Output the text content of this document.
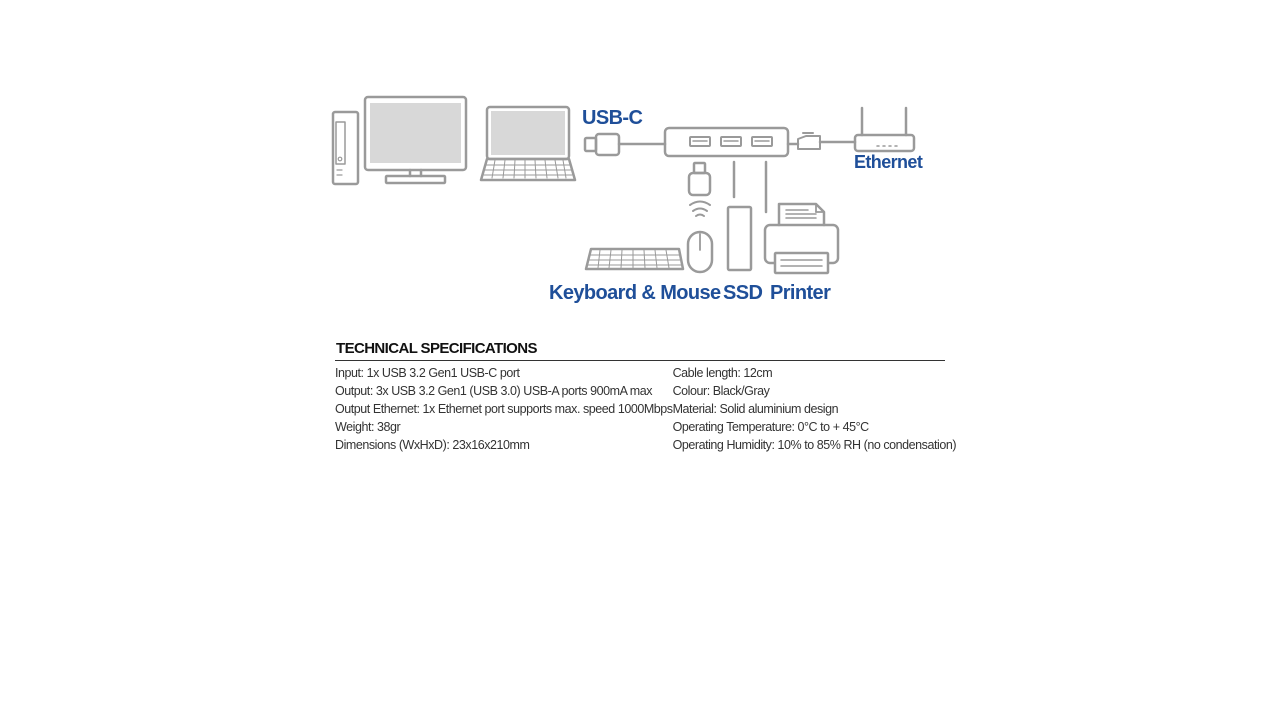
USB-C
Ethernet
Keyboard & Mouse SSD Printer
TECHNICAL SPECIFICATIONS
Input: 1x USB 3.2 Gen1 USB-C port
Output: 3x USB 3.2 Gen1 (USB 3.0) USB-A ports 900mA max
Output Ethernet: 1x Ethernet port supports max. speed 1000Mbps
Weight: 38gr
Dimensions (WxHxD): 23x16x210mm
Cable length: 12cm
Colour: Black/Gray
Material: Solid aluminium design
Operating Temperature: 0°C to + 45°C
Operating Humidity: 10% to 85% RH (no condensation)
